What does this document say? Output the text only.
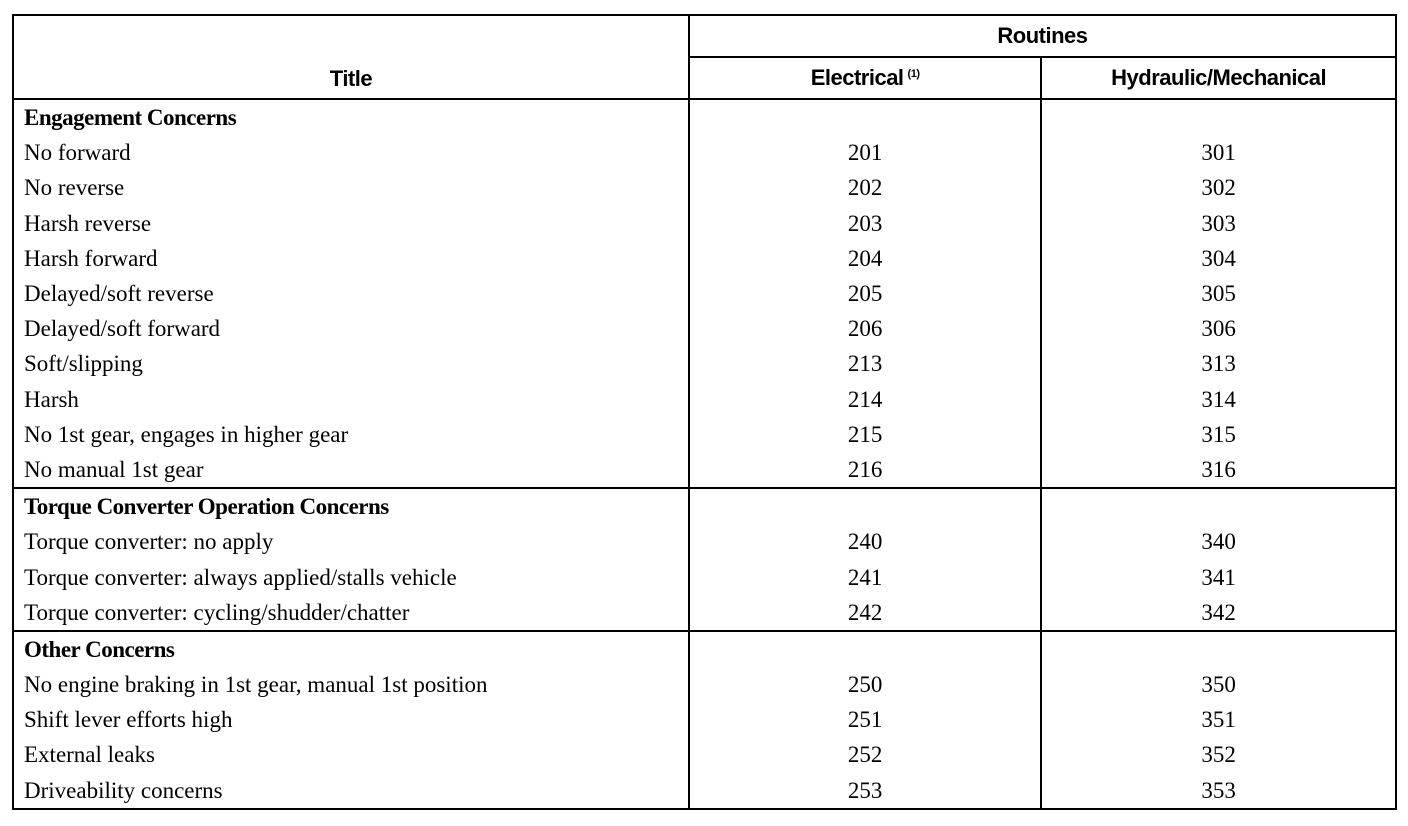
Title	Routines	
	Electrical $^{(1)}$	Hydraulic/Mechanical
Engagement Concerns		
No forward	201	301
No reverse	202	302
Harsh reverse	203	303
Harsh forward	204	304
Delayed/soft reverse	205	305
Delayed/soft forward	206	306
Soft/slipping	213	313
Harsh	214	314
No 1st gear, engages in higher gear	215	315
No manual 1st gear	216	316
Torque Converter Operation Concerns		
Torque converter: no apply	240	340
Torque converter: always applied/stalls vehicle	241	341
Torque converter: cycling/shudder/chatter	242	342
Other Concerns		
No engine braking in 1st gear, manual 1st position	250	350
Shift lever efforts high	251	351
External leaks	252	352
Driveability concerns	253	353
